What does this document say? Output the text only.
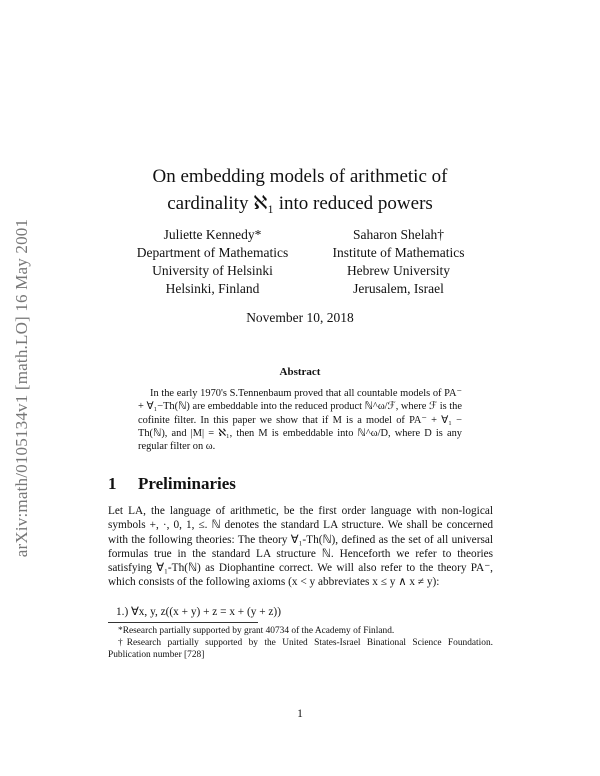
arXiv:math/0105134v1 [math.LO] 16 May 2001
On embedding models of arithmetic of
cardinality ℵ₁ into reduced powers
Juliette Kennedy*
Department of Mathematics
University of Helsinki
Helsinki, Finland
Saharon Shelah†
Institute of Mathematics
Hebrew University
Jerusalem, Israel
November 10, 2018
Abstract

In the early 1970's S.Tennenbaum proved that all countable models of PA⁻ + ∀₁−Th(ℕ) are embeddable into the reduced product ℕ^ω/ℱ, where ℱ is the cofinite filter. In this paper we show that if M is a model of PA⁻ + ∀₁ − Th(ℕ), and |M| = ℵ₁, then M is embeddable into ℕ^ω/D, where D is any regular filter on ω.

1 Preliminaries

Let LA, the language of arithmetic, be the first order language with non-logical symbols +, ·, 0, 1, ≤. ℕ denotes the standard LA structure. We shall be concerned with the following theories: The theory ∀₁-Th(ℕ), defined as the set of all universal formulas true in the standard LA structure ℕ. Henceforth we refer to theories satisfying ∀₁-Th(ℕ) as Diophantine correct. We will also refer to the theory PA⁻, which consists of the following axioms (x < y abbreviates x ≤ y ∧ x ≠ y):

1.) ∀x, y, z((x + y) + z = x + (y + z))

*Research partially supported by grant 40734 of the Academy of Finland.

†Research partially supported by the United States-Israel Binational Science Foundation. Publication number [728]

1
